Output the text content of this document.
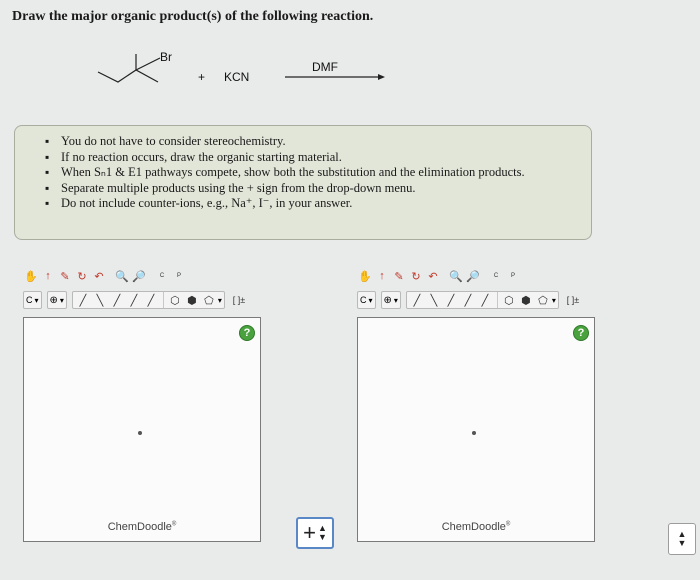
Draw the major organic product(s) of the following reaction.
Br
+ KCN
DMF
▪ You do not have to consider stereochemistry.
▪ If no reaction occurs, draw the organic starting material.
▪ When Sₙ⁠1 & E1 pathways compete, show both the substitution and the elimination products.
▪ Separate multiple products using the + sign from the drop-down menu.
▪ Do not include counter-ions, e.g., Na⁺, I⁻, in your answer.
✋ ↑ ✎ ↻ ↶	🔍 🔎	C	P
C ▾ ⊕ ▾	╱ ╲ ╱ ╱ ╱	⬡ ⬢ ⬠ ▾	[ ]±
?
ChemDoodle®	+ ▲
▼
✋ ↑ ✎ ↻ ↶	🔍 🔎	C	P
C ▾ ⊕ ▾	╱ ╲ ╱ ╱ ╱	⬡ ⬢ ⬠ ▾	[ ]±
?
ChemDoodle®
▲
▼
